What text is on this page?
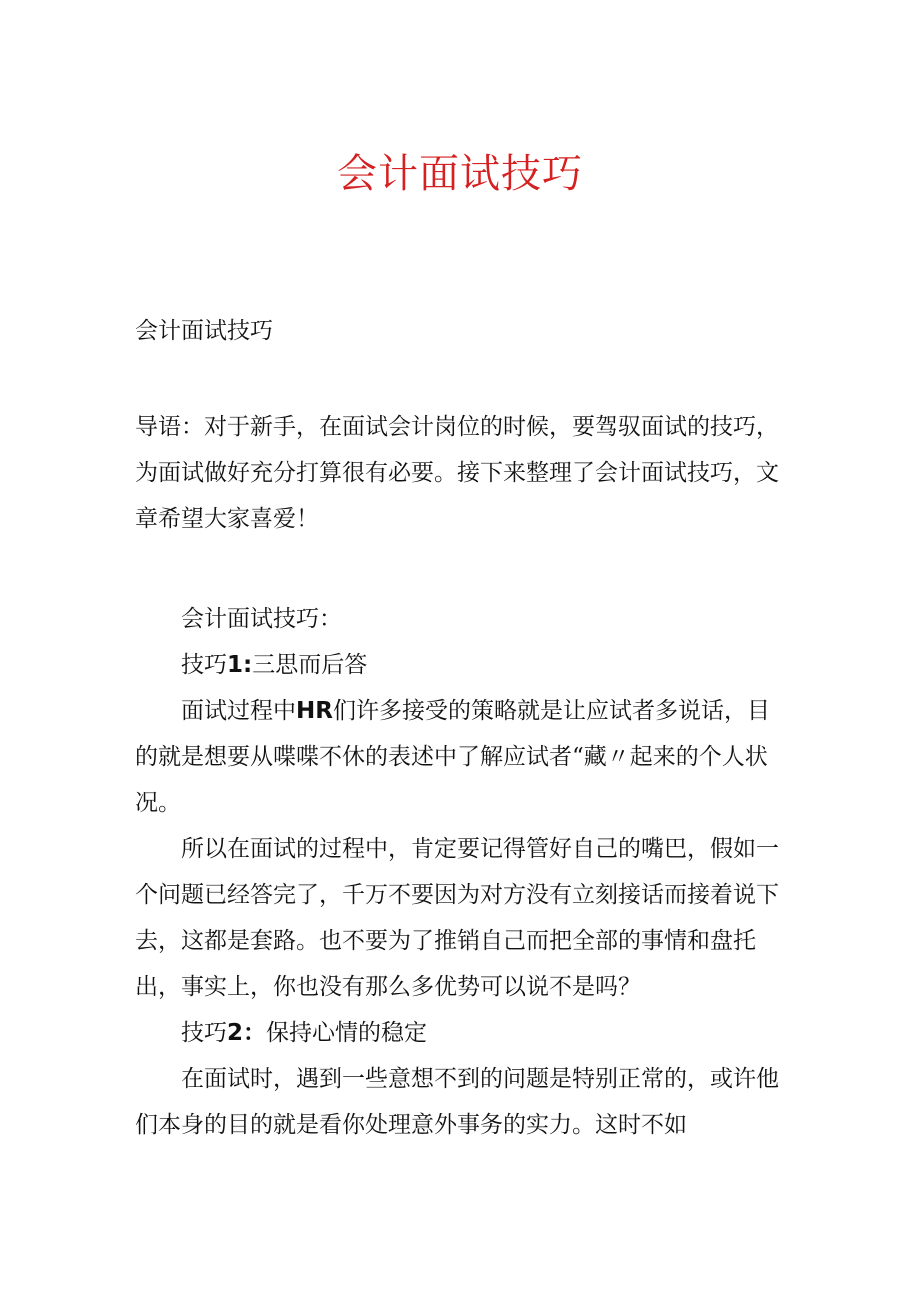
会计面试技巧

会计面试技巧

导语：对于新手，在面试会计岗位的时候，要驾驭面试的技巧，为面试做好充分打算很有必要。接下来整理了会计面试技巧，文章希望大家喜爱！

会计面试技巧：

技巧1:三思而后答

面试过程中HR们许多接受的策略就是让应试者多说话，目的就是想要从喋喋不休的表述中了解应试者“藏〃起来的个人状况。

所以在面试的过程中，肯定要记得管好自己的嘴巴，假如一个问题已经答完了，千万不要因为对方没有立刻接话而接着说下去，这都是套路。也不要为了推销自己而把全部的事情和盘托出，事实上，你也没有那么多优势可以说不是吗？

技巧2：保持心情的稳定

在面试时，遇到一些意想不到的问题是特别正常的，或许他们本身的目的就是看你处理意外事务的实力。这时不如
